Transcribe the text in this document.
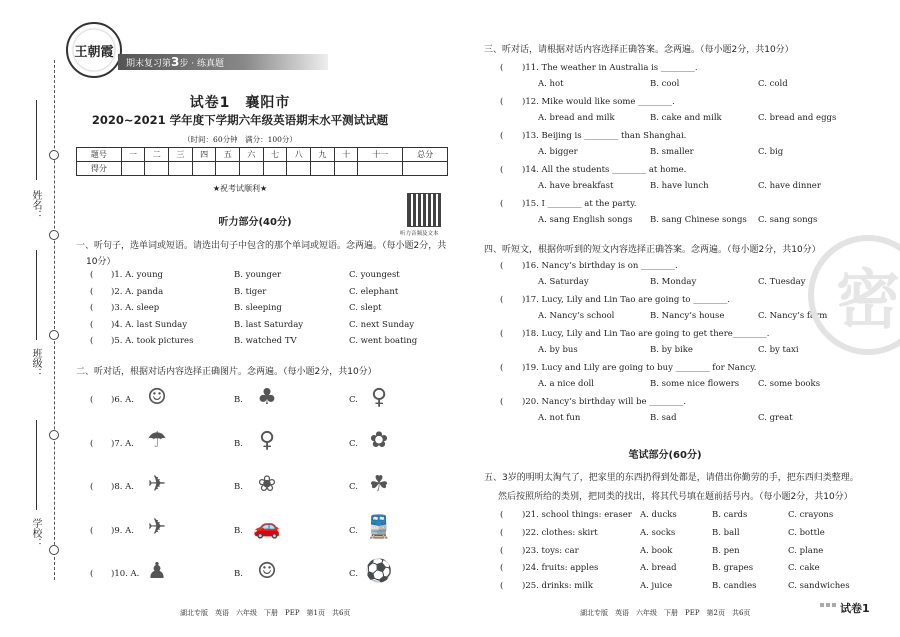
姓名：
班级：
学校：
王朝霞
期末复习第3步 · 练真题
试卷1　襄阳市
2020~2021 学年度下学期六年级英语期末水平测试试题
（时间：60分钟　满分：100分）
题号	一	二	三	四	五	六	七	八	九	十	十一	总分
得分												
★祝考试顺利★
听力音频及文本
听力部分(40分)
一、听句子，选单词或短语。请选出句子中包含的那个单词或短语。念两遍。（每小题2分，共
10分）
( )1. A. young	B. younger	C. youngest
( )2. A. panda	B. tiger	C. elephant
( )3. A. sleep	B. sleeping	C. slept
( )4. A. last Sunday	B. last Saturday	C. next Sunday
( )5. A. took pictures	B. watched TV	C. went boating
二、听对话，根据对话内容选择正确图片。念两遍。（每小题2分，共10分）
( )6. A.	B.	C.
☺	♣	♀
( )7. A.	B.	C.
☂	♀	✿
( )8. A.	B.	C.
✈	❀	☘
( )9. A.	B.	C.
✈	🚗	🚆
( )10. A.	B.	C.
♟	☺	⚽
湖北专版　英语　六年级　下册　PEP　第1页　共6页
三、听对话，请根据对话内容选择正确答案。念两遍。（每小题2分，共10分）
( )11. The weather in Australia is ________.
A. hot	B. cool	C. cold
( )12. Mike would like some ________.
A. bread and milk	B. cake and milk	C. bread and eggs
( )13. Beijing is ________ than Shanghai.
A. bigger	B. smaller	C. big
( )14. All the students ________ at home.
A. have breakfast	B. have lunch	C. have dinner
( )15. I ________ at the party.
A. sang English songs B. sang Chinese songs C. sang songs
四、听短文，根据你听到的短文内容选择正确答案。念两遍。（每小题2分，共10分）
( )16. Nancy’s birthday is on ________.
A. Saturday	B. Monday	C. Tuesday
( )17. Lucy, Lily and Lin Tao are going to ________.
A. Nancy’s school	B. Nancy’s house	C. Nancy’s farm
( )18. Lucy, Lily and Lin Tao are going to get there________.
A. by bus	B. by bike	C. by taxi
( )19. Lucy and Lily are going to buy ________ for Nancy.
A. a nice doll	B. some nice flowers C. some books
( )20. Nancy’s birthday will be ________.
A. not fun	B. sad	C. great
笔试部分(60分)
五、3岁的明明太淘气了，把家里的东西扔得到处都是，请借出你勤劳的手，把东西归类整理。
然后按照所给的类别，把同类的找出，将其代号填在题前括号内。（每小题2分，共10分）
( )21. school things: eraser A. ducks	B. cards	C. crayons
( )22. clothes: skirt	A. socks	B. ball	C. bottle
( )23. toys: car	A. book	B. pen	C. plane
( )24. fruits: apples	A. bread	B. grapes	C. cake
( )25. drinks: milk	A. juice	B. candies	C. sandwiches
湖北专版　英语　六年级　下册　PEP　第2页　共6页
密
试卷1
